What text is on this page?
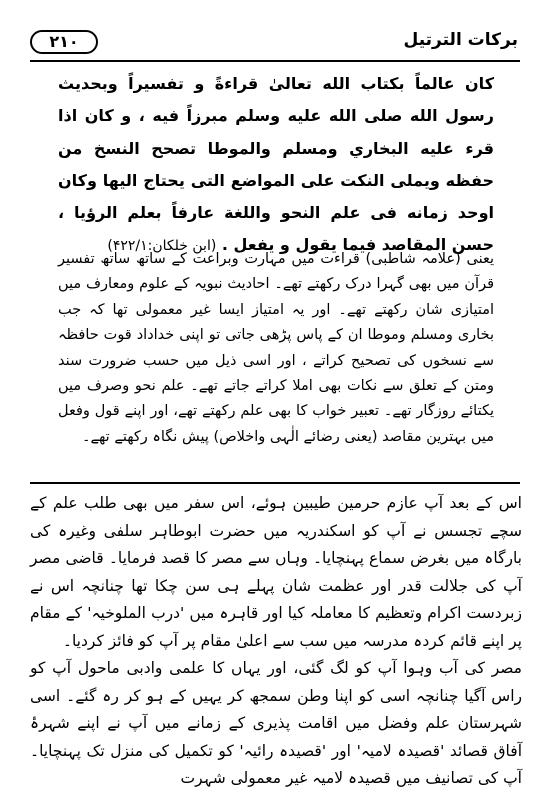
۲۱۰	برکات الترتیل
كان عالماً بكتاب الله تعالىٰ قراءةً و تفسيراً وبحديث رسول الله صلى الله عليه وسلم مبرزاً فيه ، و كان اذا قرء عليه البخاري ومسلم والموطا تصحح النسخ من حفظه ويملى النكت على المواضع التى يحتاج اليها وكان اوحد زمانه فى علم النحو واللغة عارفاً بعلم الرؤيا ، حسن المقاصد فيما يقول و يفعل . (ابن خلکان:۴۲۲/۱)
یعنی (علامہ شاطبی) قراءت میں مہارت وبراعت کے ساتھ ساتھ تفسیر قرآن میں بھی گہرا درک رکھتے تھے۔ احادیث نبویہ کے علوم ومعارف میں امتیازی شان رکھتے تھے۔ اور یہ امتیاز ایسا غیر معمولی تھا کہ جب بخاری ومسلم وموطا ان کے پاس پڑھی جاتی تو اپنی خداداد قوت حافظہ سے نسخوں کی تصحیح کراتے ، اور اسی ذیل میں حسب ضرورت سند ومتن کے تعلق سے نکات بھی املا کراتے جاتے تھے۔ علم نحو وصرف میں یکتائے روزگار تھے۔ تعبیر خواب کا بھی علم رکھتے تھے، اور اپنے قول وفعل میں بہترین مقاصد (یعنی رضائے الٰہی واخلاص) پیش نگاہ رکھتے تھے۔

اس کے بعد آپ عازم حرمین طیبین ہوئے، اس سفر میں بھی طلب علم کے سچے تجسس نے آپ کو اسکندریہ میں حضرت ابوطاہر سلفی وغیرہ کی بارگاہ میں بغرض سماع پہنچایا۔ وہاں سے مصر کا قصد فرمایا۔ قاضی مصر آپ کی جلالت قدر اور عظمت شان پہلے ہی سن چکا تھا چنانچہ اس نے زبردست اکرام وتعظیم کا معاملہ کیا اور قاہرہ میں 'درب الملوخیہ' کے مقام پر اپنے قائم کردہ مدرسہ میں سب سے اعلیٰ مقام پر آپ کو فائز کردیا۔

مصر کی آب وہوا آپ کو لگ گئی، اور یہاں کا علمی وادبی ماحول آپ کو راس آگیا چنانچہ اسی کو اپنا وطن سمجھ کر یہیں کے ہو کر رہ گئے۔ اسی شہرستان علم وفضل میں اقامت پذیری کے زمانے میں آپ نے اپنے شہرۂ آفاق قصائد 'قصیدہ لامیہ' اور 'قصیدہ رائیہ' کو تکمیل کی منزل تک پہنچایا۔ آپ کی تصانیف میں قصیدہ لامیہ غیر معمولی شہرت
